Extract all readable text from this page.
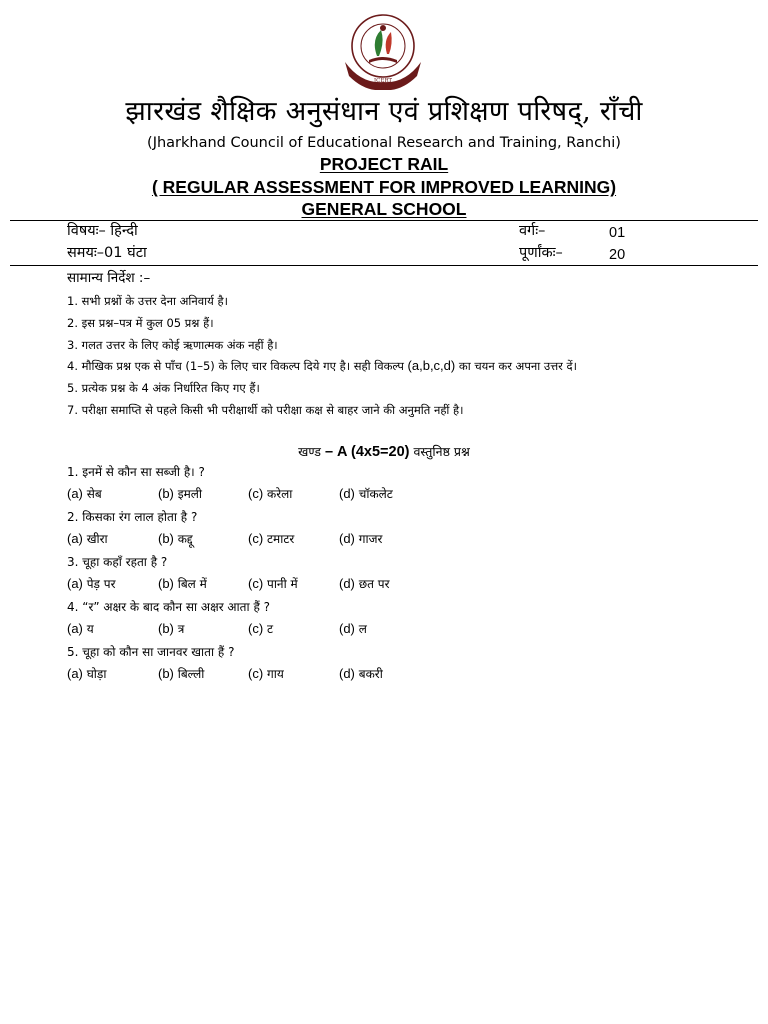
JCERT
झारखंड शैक्षिक अनुसंधान एवं प्रशिक्षण परिषद्, राँची
(Jharkhand Council of Educational Research and Training, Ranchi)
PROJECT RAIL
( REGULAR ASSESSMENT FOR IMPROVED LEARNING)
GENERAL SCHOOL
विषयः– हिन्दी
समयः–01 घंटा
वर्गः–	01
पूर्णांकः–	20
सामान्य निर्देश :–
1. सभी प्रश्नों के उत्तर देना अनिवार्य है।
2. इस प्रश्न–पत्र में कुल 05 प्रश्न हैं।
3. गलत उत्तर के लिए कोई ऋणात्मक अंक नहीं है।
4. मौखिक प्रश्न एक से पाँच (1–5) के लिए चार विकल्प दिये गए है। सही विकल्प (a,b,c,d) का चयन कर अपना उत्तर दें।
5. प्रत्येक प्रश्न के 4 अंक निर्धारित किए गए हैं।
7. परीक्षा समाप्ति से पहले किसी भी परीक्षार्थी को परीक्षा कक्ष से बाहर जाने की अनुमति नहीं है।
खण्ड – A (4x5=20) वस्तुनिष्ठ प्रश्न
1. इनमें से कौन सा सब्जी है। ?
(a) सेब	(b) इमली	(c) करेला	(d) चॉकलेट
2. किसका रंग लाल होता है ?
(a) खीरा	(b) कद्दू	(c) टमाटर	(d) गाजर
3. चूहा कहाँ रहता है ?
(a) पेड़ पर	(b) बिल में	(c) पानी में	(d) छत पर
4. “र” अक्षर के बाद कौन सा अक्षर आता हैं ?
(a) य	(b) त्र	(c) ट	(d) ल
5. चूहा को कौन सा जानवर खाता हैं ?
(a) घोड़ा	(b) बिल्ली	(c) गाय	(d) बकरी
